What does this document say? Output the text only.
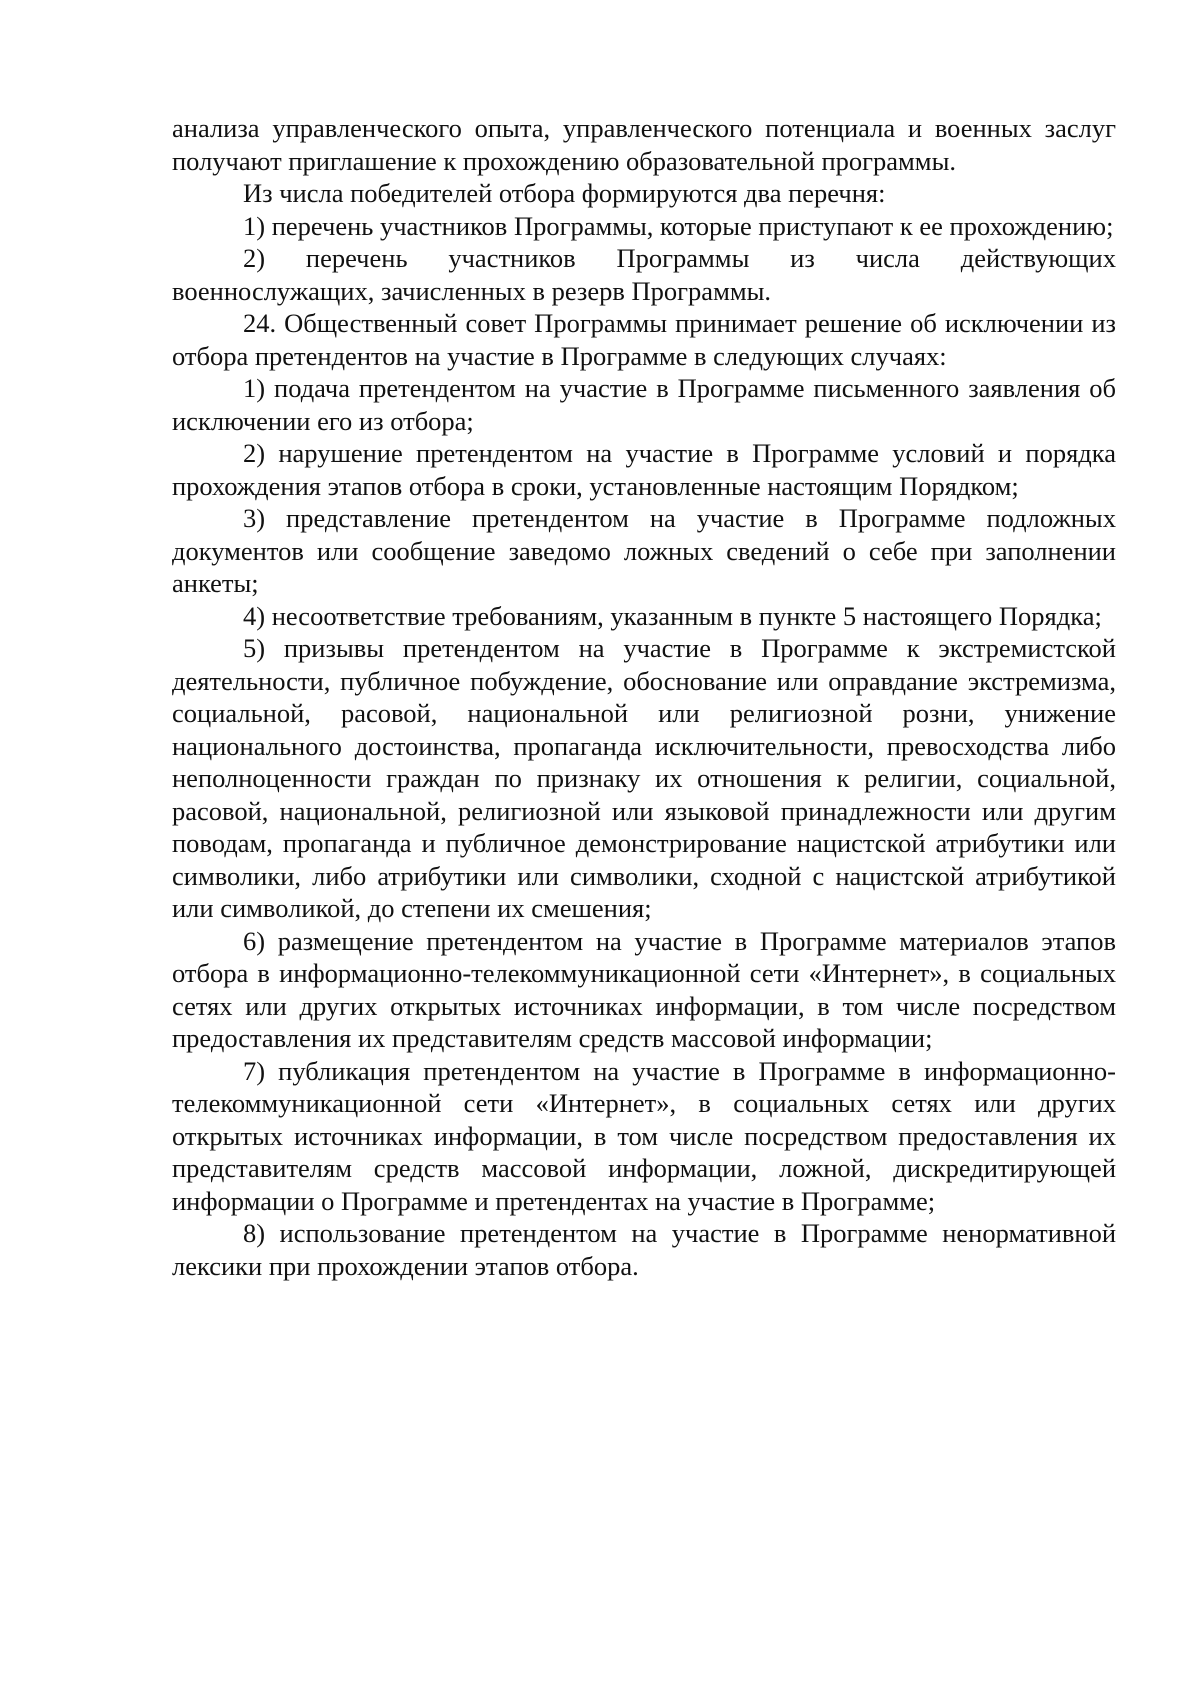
анализа управленческого опыта, управленческого потенциала и военных заслуг получают приглашение к прохождению образовательной программы.

Из числа победителей отбора формируются два перечня:

1) перечень участников Программы, которые приступают к ее прохождению;

2) перечень участников Программы из числа действующих военнослужащих, зачисленных в резерв Программы.

24. Общественный совет Программы принимает решение об исключении из отбора претендентов на участие в Программе в следующих случаях:

1) подача претендентом на участие в Программе письменного заявления об исключении его из отбора;

2) нарушение претендентом на участие в Программе условий и порядка прохождения этапов отбора в сроки, установленные настоящим Порядком;

3) представление претендентом на участие в Программе подложных документов или сообщение заведомо ложных сведений о себе при заполнении анкеты;

4) несоответствие требованиям, указанным в пункте 5 настоящего Порядка;

5) призывы претендентом на участие в Программе к экстремистской деятельности, публичное побуждение, обоснование или оправдание экстремизма, социальной, расовой, национальной или религиозной розни, унижение национального достоинства, пропаганда исключительности, превосходства либо неполноценности граждан по признаку их отношения к религии, социальной, расовой, национальной, религиозной или языковой принадлежности или другим поводам, пропаганда и публичное демонстрирование нацистской атрибутики или символики, либо атрибутики или символики, сходной с нацистской атрибутикой или символикой, до степени их смешения;

6) размещение претендентом на участие в Программе материалов этапов отбора в информационно-телекоммуникационной сети «Интернет», в социальных сетях или других открытых источниках информации, в том числе посредством предоставления их представителям средств массовой информации;

7) публикация претендентом на участие в Программе в информационно-телекоммуникационной сети «Интернет», в социальных сетях или других открытых источниках информации, в том числе посредством предоставления их представителям средств массовой информации, ложной, дискредитирующей информации о Программе и претендентах на участие в Программе;

8) использование претендентом на участие в Программе ненормативной лексики при прохождении этапов отбора.
